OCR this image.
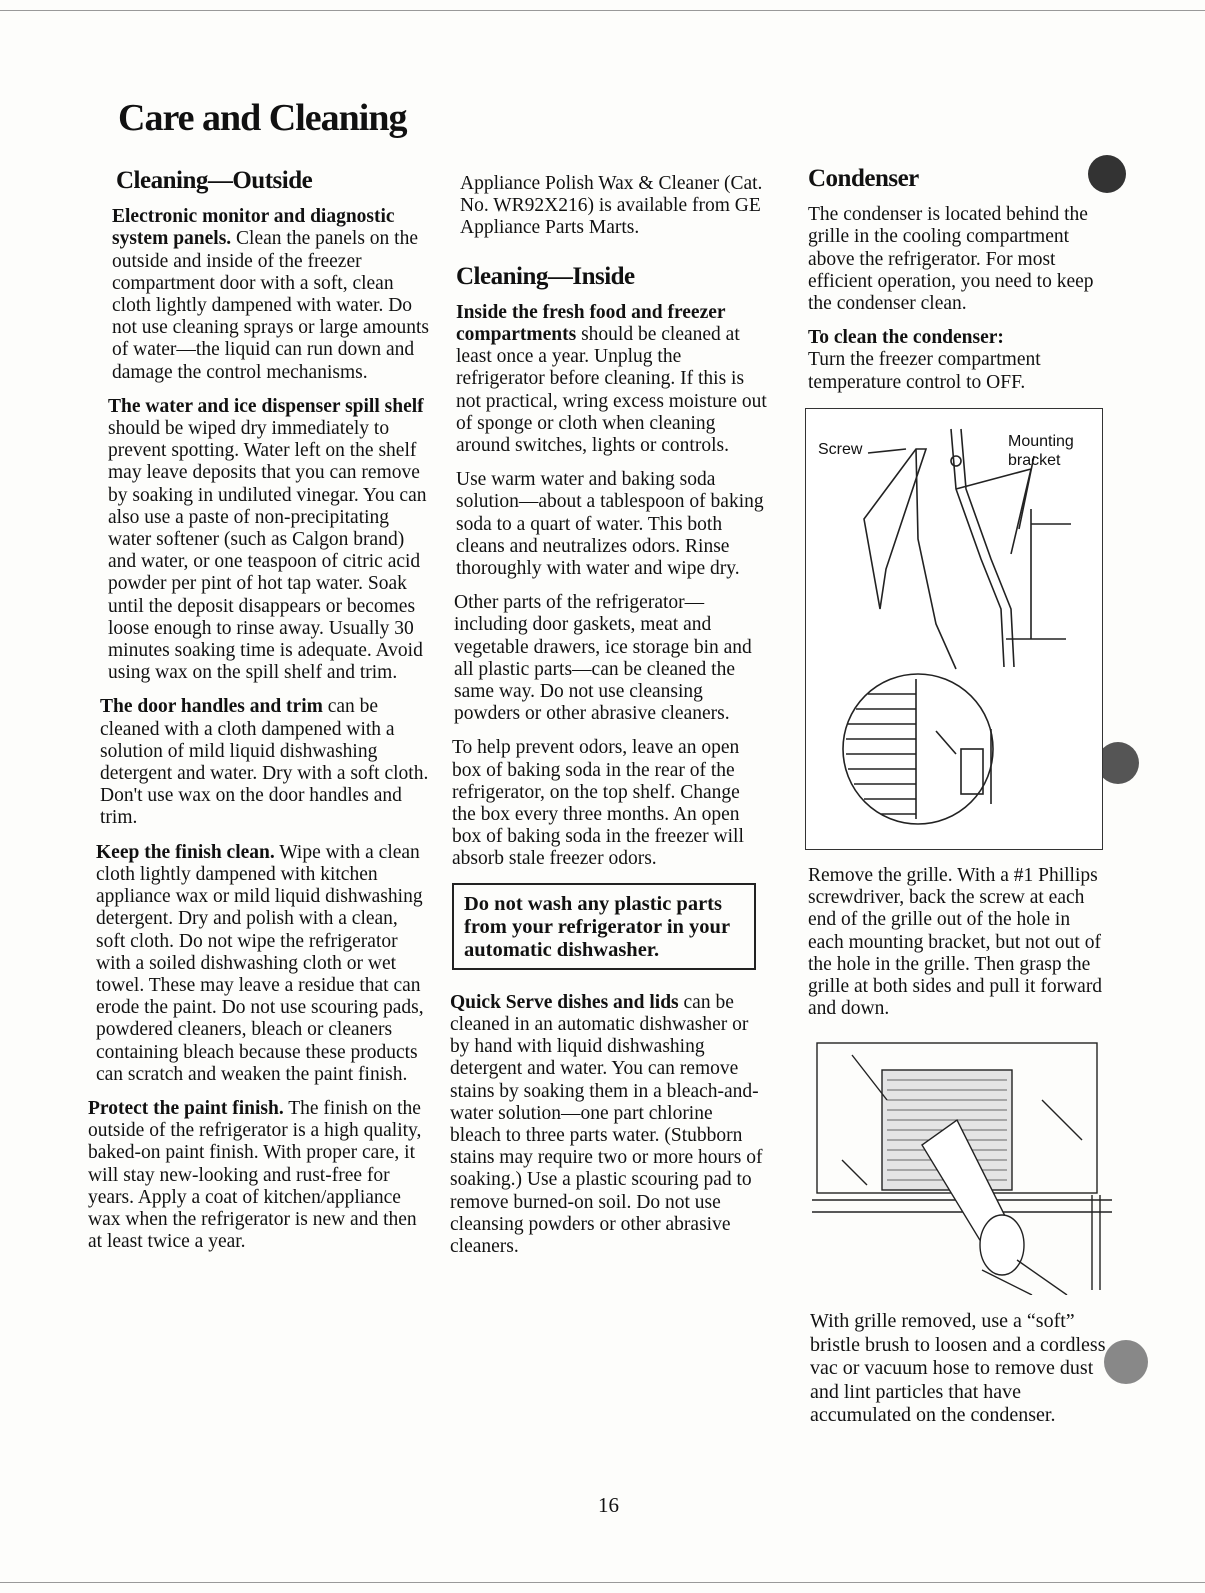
Care and Cleaning
Cleaning—Outside

Electronic monitor and diagnostic system panels. Clean the panels on the outside and inside of the freezer compartment door with a soft, clean cloth lightly dampened with water. Do not use cleaning sprays or large amounts of water—the liquid can run down and damage the control mechanisms.

The water and ice dispenser spill shelf should be wiped dry immediately to prevent spotting. Water left on the shelf may leave deposits that you can remove by soaking in undiluted vinegar. You can also use a paste of non-precipitating water softener (such as Calgon brand) and water, or one teaspoon of citric acid powder per pint of hot tap water. Soak until the deposit disappears or becomes loose enough to rinse away. Usually 30 minutes soaking time is adequate. Avoid using wax on the spill shelf and trim.

The door handles and trim can be cleaned with a cloth dampened with a solution of mild liquid dishwashing detergent and water. Dry with a soft cloth. Don't use wax on the door handles and trim.

Keep the finish clean. Wipe with a clean cloth lightly dampened with kitchen appliance wax or mild liquid dishwashing detergent. Dry and polish with a clean, soft cloth. Do not wipe the refrigerator with a soiled dishwashing cloth or wet towel. These may leave a residue that can erode the paint. Do not use scouring pads, powdered cleaners, bleach or cleaners containing bleach because these products can scratch and weaken the paint finish.

Protect the paint finish. The finish on the outside of the refrigerator is a high quality, baked-on paint finish. With proper care, it will stay new-looking and rust-free for years. Apply a coat of kitchen/appliance wax when the refrigerator is new and then at least twice a year.

Appliance Polish Wax & Cleaner (Cat. No. WR92X216) is available from GE Appliance Parts Marts.

Cleaning—Inside

Inside the fresh food and freezer compartments should be cleaned at least once a year. Unplug the refrigerator before cleaning. If this is not practical, wring excess moisture out of sponge or cloth when cleaning around switches, lights or controls.

Use warm water and baking soda solution—about a tablespoon of baking soda to a quart of water. This both cleans and neutralizes odors. Rinse thoroughly with water and wipe dry.

Other parts of the refrigerator—including door gaskets, meat and vegetable drawers, ice storage bin and all plastic parts—can be cleaned the same way. Do not use cleansing powders or other abrasive cleaners.

To help prevent odors, leave an open box of baking soda in the rear of the refrigerator, on the top shelf. Change the box every three months. An open box of baking soda in the freezer will absorb stale freezer odors.

Do not wash any plastic parts from your refrigerator in your automatic dishwasher.

Quick Serve dishes and lids can be cleaned in an automatic dishwasher or by hand with liquid dishwashing detergent and water. You can remove stains by soaking them in a bleach-and-water solution—one part chlorine bleach to three parts water. (Stubborn stains may require two or more hours of soaking.) Use a plastic scouring pad to remove burned-on soil. Do not use cleansing powders or other abrasive cleaners.

Condenser

The condenser is located behind the grille in the cooling compartment above the refrigerator. For most efficient operation, you need to keep the condenser clean.

To clean the condenser:
Turn the freezer compartment temperature control to OFF.

Screw	Mounting
bracket

Remove the grille. With a #1 Phillips screwdriver, back the screw at each end of the grille out of the hole in each mounting bracket, but not out of the hole in the grille. Then grasp the grille at both sides and pull it forward and down.

With grille removed, use a “soft” bristle brush to loosen and a cordless vac or vacuum hose to remove dust and lint particles that have accumulated on the condenser.

16
